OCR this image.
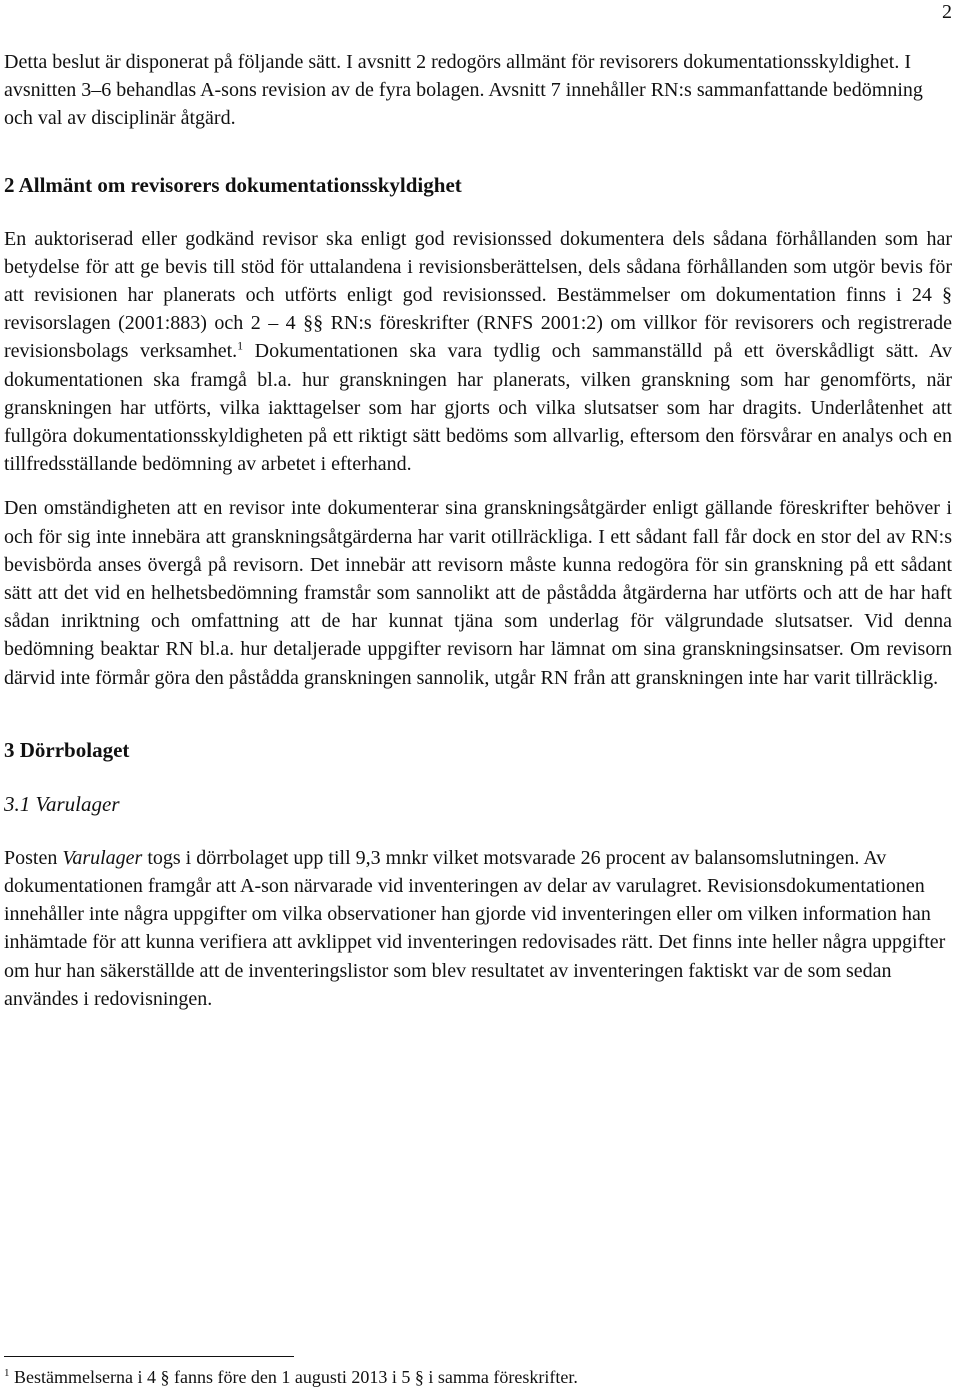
2

Detta beslut är disponerat på följande sätt. I avsnitt 2 redogörs allmänt för revisorers dokumentationsskyldighet. I avsnitten 3–6 behandlas A-sons revision av de fyra bolagen. Avsnitt 7 innehåller RN:s sammanfattande bedömning och val av disciplinär åtgärd.

2 Allmänt om revisorers dokumentationsskyldighet

En auktoriserad eller godkänd revisor ska enligt god revisionssed dokumentera dels sådana förhållanden som har betydelse för att ge bevis till stöd för uttalandena i revisionsberättelsen, dels sådana förhållanden som utgör bevis för att revisionen har planerats och utförts enligt god revisionssed. Bestämmelser om dokumentation finns i 24 § revisorslagen (2001:883) och 2 – 4 §§ RN:s föreskrifter (RNFS 2001:2) om villkor för revisorers och registrerade revisionsbolags verksamhet.$^1$ Dokumentationen ska vara tydlig och sammanställd på ett överskådligt sätt. Av dokumentationen ska framgå bl.a. hur granskningen har planerats, vilken granskning som har genomförts, när granskningen har utförts, vilka iakttagelser som har gjorts och vilka slutsatser som har dragits. Underlåtenhet att fullgöra dokumentationsskyldigheten på ett riktigt sätt bedöms som allvarlig, eftersom den försvårar en analys och en tillfredsställande bedömning av arbetet i efterhand.

Den omständigheten att en revisor inte dokumenterar sina granskningsåtgärder enligt gällande föreskrifter behöver i och för sig inte innebära att granskningsåtgärderna har varit otillräckliga. I ett sådant fall får dock en stor del av RN:s bevisbörda anses övergå på revisorn. Det innebär att revisorn måste kunna redogöra för sin granskning på ett sådant sätt att det vid en helhetsbedömning framstår som sannolikt att de påstådda åtgärderna har utförts och att de har haft sådan inriktning och omfattning att de har kunnat tjäna som underlag för välgrundade slutsatser. Vid denna bedömning beaktar RN bl.a. hur detaljerade uppgifter revisorn har lämnat om sina granskningsinsatser. Om revisorn därvid inte förmår göra den påstådda granskningen sannolik, utgår RN från att granskningen inte har varit tillräcklig.

3 Dörrbolaget
3.1 Varulager

Posten Varulager togs i dörrbolaget upp till 9,3 mnkr vilket motsvarade 26 procent av balansomslutningen. Av dokumentationen framgår att A-son närvarade vid inventeringen av delar av varulagret. Revisionsdokumentationen innehåller inte några uppgifter om vilka observationer han gjorde vid inventeringen eller om vilken information han inhämtade för att kunna verifiera att avklippet vid inventeringen redovisades rätt. Det finns inte heller några uppgifter om hur han säkerställde att de inventeringslistor som blev resultatet av inventeringen faktiskt var de som sedan användes i redovisningen.

$^1$ Bestämmelserna i 4 § fanns före den 1 augusti 2013 i 5 § i samma föreskrifter.
